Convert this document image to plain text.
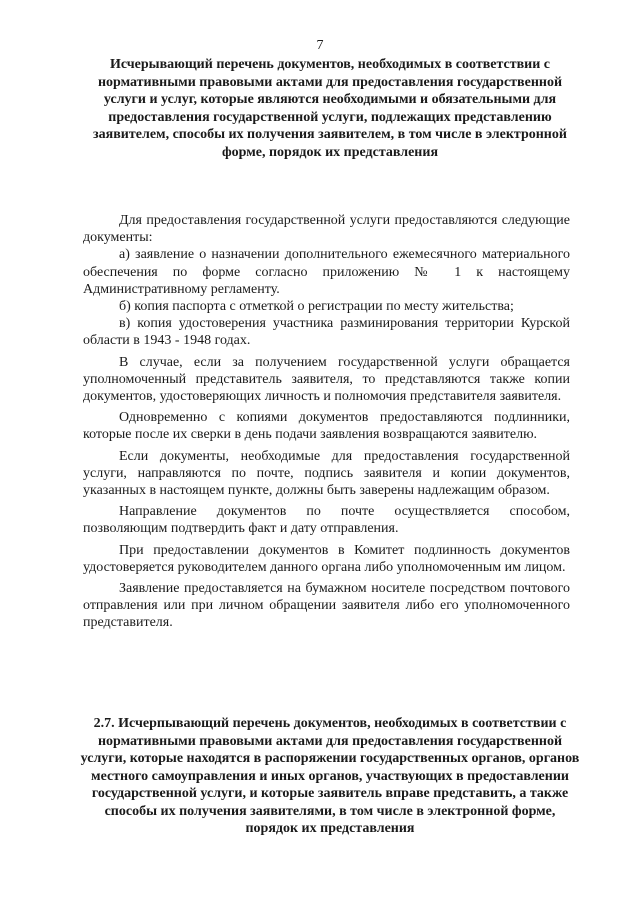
7

Исчерывающий перечень документов, необходимых в соответствии с нормативными правовыми актами для предоставления государственной услуги и услуг, которые являются необходимыми и обязательными для предоставления государственной услуги, подлежащих представлению заявителем, способы их получения заявителем, в том числе в электронной форме, порядок их представления

Для предоставления государственной услуги предоставляются следующие документы:

а) заявление о назначении дополнительного ежемесячного материального обеспечения по форме согласно приложению № 1 к настоящему Административному регламенту.

б) копия паспорта с отметкой о регистрации по месту жительства;

в) копия удостоверения участника разминирования территории Курской области в 1943 - 1948 годах.

В случае, если за получением государственной услуги обращается уполномоченный представитель заявителя, то представляются также копии документов, удостоверяющих личность и полномочия представителя заявителя.

Одновременно с копиями документов предоставляются подлинники, которые после их сверки в день подачи заявления возвращаются заявителю.

Если документы, необходимые для предоставления государственной услуги, направляются по почте, подпись заявителя и копии документов, указанных в настоящем пункте, должны быть заверены надлежащим образом.

Направление документов по почте осуществляется способом, позволяющим подтвердить факт и дату отправления.

При предоставлении документов в Комитет подлинность документов удостоверяется руководителем данного органа либо уполномоченным им лицом.

Заявление предоставляется на бумажном носителе посредством почтового отправления или при личном обращении заявителя либо его уполномоченного представителя.

2.7. Исчерпывающий перечень документов, необходимых в соответствии с нормативными правовыми актами для предоставления государственной услуги, которые находятся в распоряжении государственных органов, органов местного самоуправления и иных органов, участвующих в предоставлении государственной услуги, и которые заявитель вправе представить, а также способы их получения заявителями, в том числе в электронной форме, порядок их представления
